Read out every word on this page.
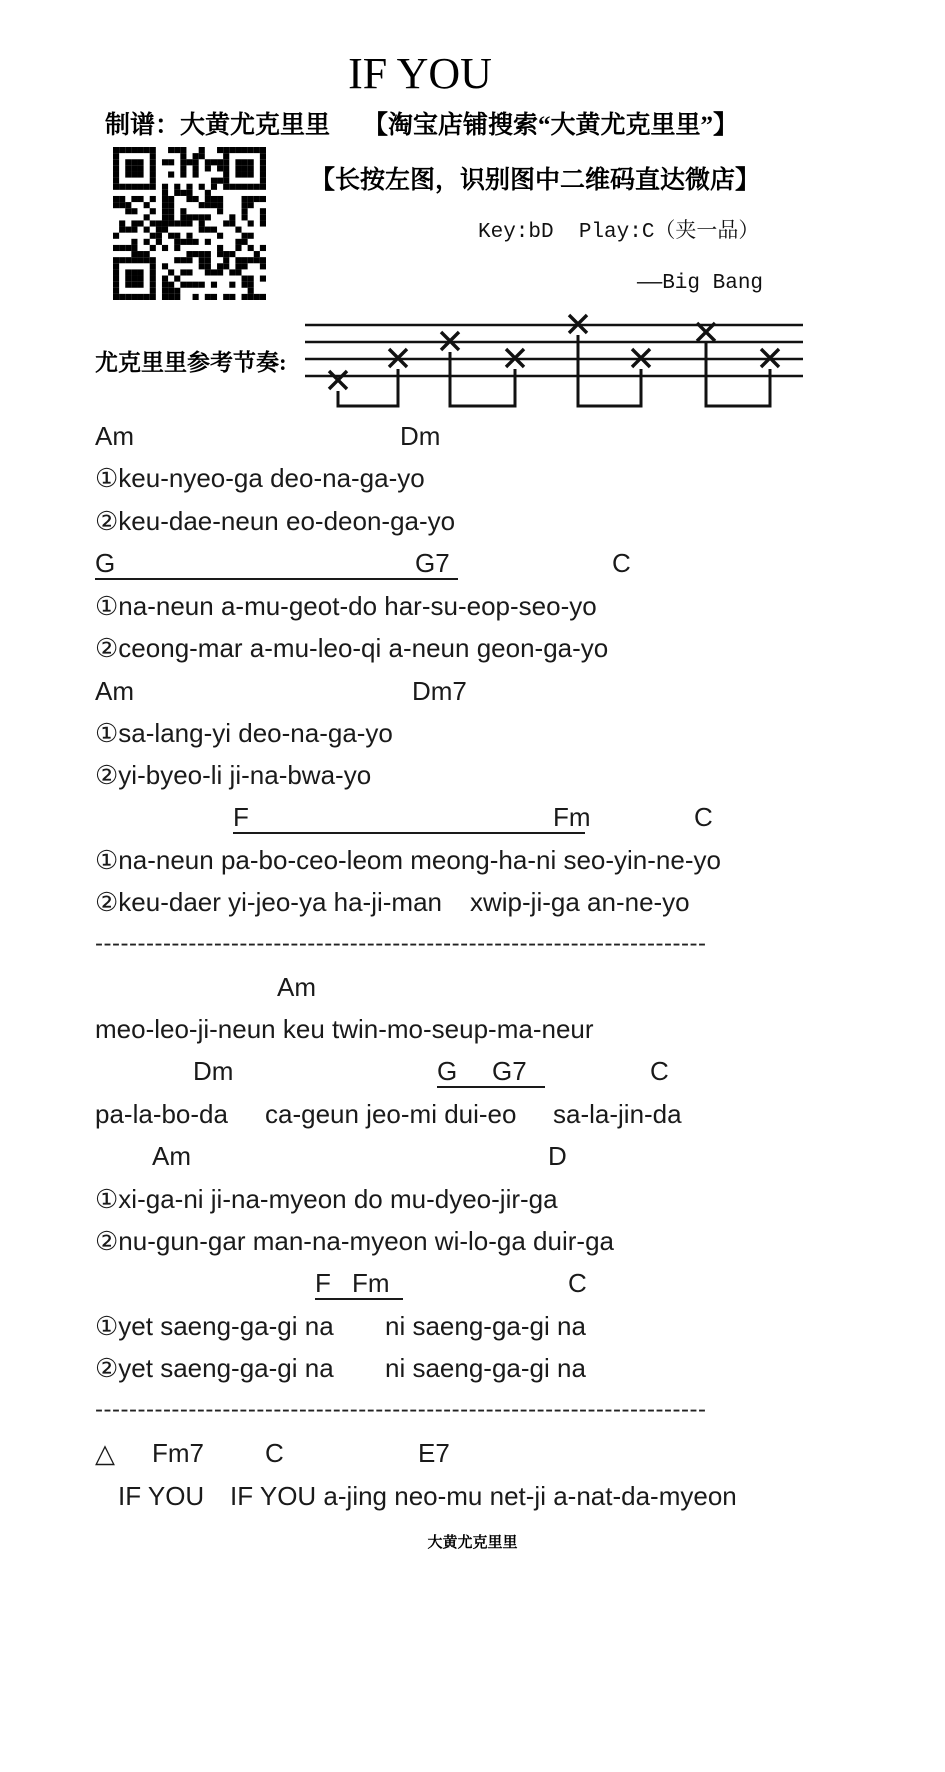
IF YOU
制谱：大黄尤克里里 【淘宝店铺搜索“大黄尤克里里”】
【长按左图，识别图中二维码直达微店】
Key:bD  Play:C（夹一品）
——Big Bang
尤克里里参考节奏:
Am	Dm
①keu-nyeo-ga deo-na-ga-yo
②keu-dae-neun eo-deon-ga-yo
G	G7	C
①na-neun a-mu-geot-do har-su-eop-seo-yo
②ceong-mar a-mu-leo-qi a-neun geon-ga-yo
Am	Dm7
①sa-lang-yi deo-na-ga-yo
②yi-byeo-li ji-na-bwa-yo
F	Fm	C
①na-neun pa-bo-ceo-leom meong-ha-ni seo-yin-ne-yo
②keu-daer yi-jeo-ya ha-ji-man xwip-ji-ga an-ne-yo
------------------------------------------------------------------------
Am
meo-leo-ji-neun keu twin-mo-seup-ma-neur
Dm	G G7	C
pa-la-bo-da ca-geun jeo-mi dui-eo sa-la-jin-da
Am	D
①xi-ga-ni ji-na-myeon do mu-dyeo-jir-ga
②nu-gun-gar man-na-myeon wi-lo-ga duir-ga
F Fm	C
①yet saeng-ga-gi na ni saeng-ga-gi na
②yet saeng-ga-gi na ni saeng-ga-gi na
------------------------------------------------------------------------
△ Fm7 C	E7
IF YOU IF YOU a-jing neo-mu net-ji a-nat-da-myeon
大黄尤克里里
